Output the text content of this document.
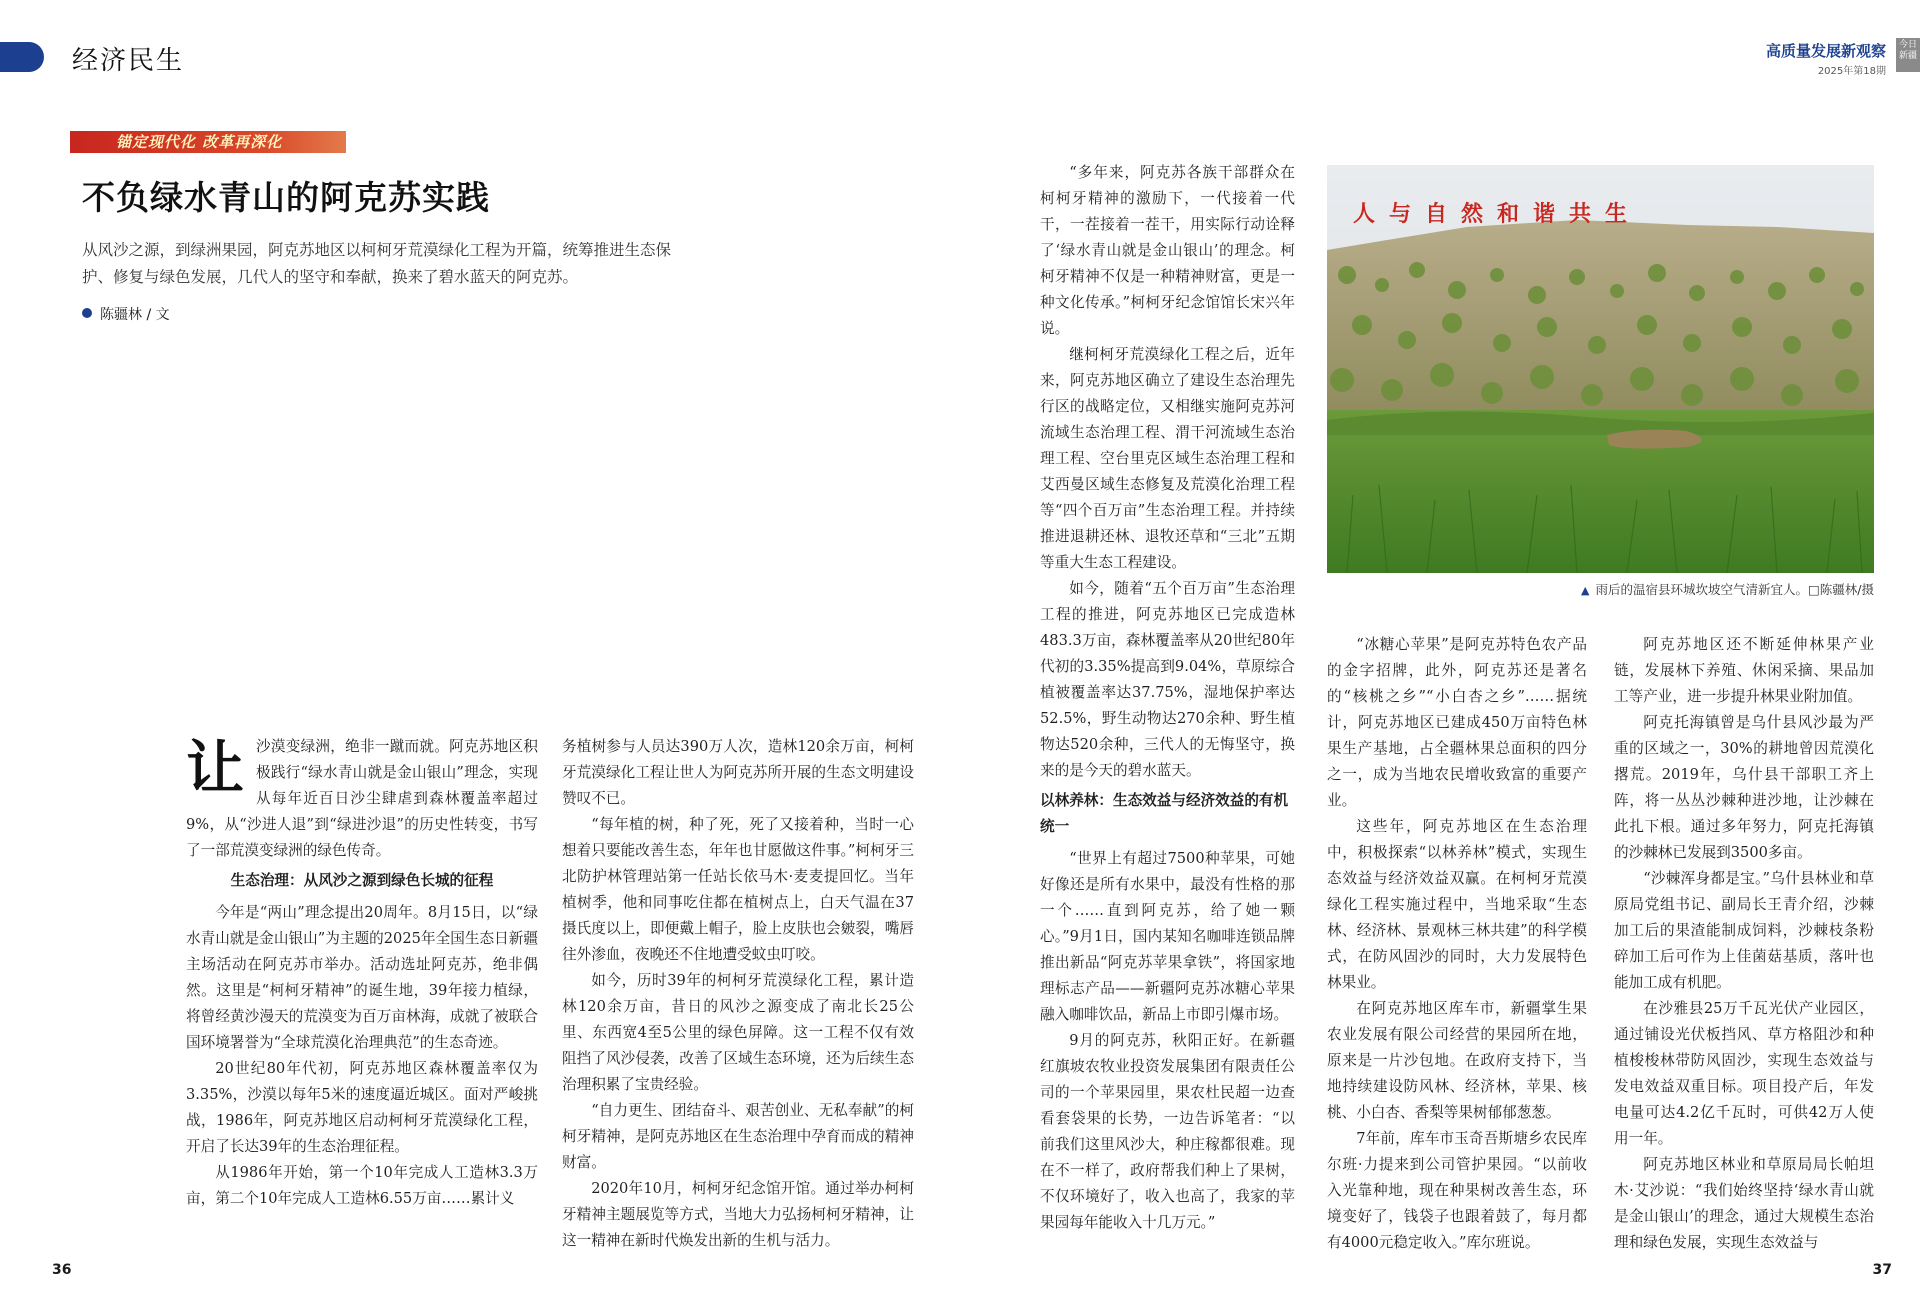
经济民生	高质量发展新观察
2025年第18期
今日新疆
锚定现代化 改革再深化
不负绿水青山的阿克苏实践
从风沙之源，到绿洲果园，阿克苏地区以柯柯牙荒漠绿化工程为开篇，统筹推进生态保护、修复与绿色发展，几代人的坚守和奉献，换来了碧水蓝天的阿克苏。
陈疆林 / 文
让 沙漠变绿洲，绝非一蹴而就。阿克苏地区积极践行“绿水青山就是金山银山”理念，实现从每年近百日沙尘肆虐到森林覆盖率超过9%，从“沙进人退”到“绿进沙退”的历史性转变，书写了一部荒漠变绿洲的绿色传奇。

生态治理：从风沙之源到绿色长城的征程

今年是“两山”理念提出20周年。8月15日，以“绿水青山就是金山银山”为主题的2025年全国生态日新疆主场活动在阿克苏市举办。活动选址阿克苏，绝非偶然。这里是“柯柯牙精神”的诞生地，39年接力植绿，将曾经黄沙漫天的荒漠变为百万亩林海，成就了被联合国环境署誉为“全球荒漠化治理典范”的生态奇迹。

20世纪80年代初，阿克苏地区森林覆盖率仅为3.35%，沙漠以每年5米的速度逼近城区。面对严峻挑战，1986年，阿克苏地区启动柯柯牙荒漠绿化工程，开启了长达39年的生态治理征程。

从1986年开始，第一个10年完成人工造林3.3万亩，第二个10年完成人工造林6.55万亩……累计义

务植树参与人员达390万人次，造林120余万亩，柯柯牙荒漠绿化工程让世人为阿克苏所开展的生态文明建设赞叹不已。

“每年植的树，种了死，死了又接着种，当时一心想着只要能改善生态，年年也甘愿做这件事。”柯柯牙三北防护林管理站第一任站长依马木·麦麦提回忆。当年植树季，他和同事吃住都在植树点上，白天气温在37摄氏度以上，即便戴上帽子，脸上皮肤也会皴裂，嘴唇往外渗血，夜晚还不住地遭受蚊虫叮咬。

如今，历时39年的柯柯牙荒漠绿化工程，累计造林120余万亩，昔日的风沙之源变成了南北长25公里、东西宽4至5公里的绿色屏障。这一工程不仅有效阻挡了风沙侵袭，改善了区域生态环境，还为后续生态治理积累了宝贵经验。

“自力更生、团结奋斗、艰苦创业、无私奉献”的柯柯牙精神，是阿克苏地区在生态治理中孕育而成的精神财富。

2020年10月，柯柯牙纪念馆开馆。通过举办柯柯牙精神主题展览等方式，当地大力弘扬柯柯牙精神，让这一精神在新时代焕发出新的生机与活力。

“多年来，阿克苏各族干部群众在柯柯牙精神的激励下，一代接着一代干，一茬接着一茬干，用实际行动诠释了‘绿水青山就是金山银山’的理念。柯柯牙精神不仅是一种精神财富，更是一种文化传承。”柯柯牙纪念馆馆长宋兴年说。

继柯柯牙荒漠绿化工程之后，近年来，阿克苏地区确立了建设生态治理先行区的战略定位，又相继实施阿克苏河流域生态治理工程、渭干河流域生态治理工程、空台里克区域生态治理工程和艾西曼区域生态修复及荒漠化治理工程等“四个百万亩”生态治理工程。并持续推进退耕还林、退牧还草和“三北”五期等重大生态工程建设。

如今，随着“五个百万亩”生态治理工程的推进，阿克苏地区已完成造林483.3万亩，森林覆盖率从20世纪80年代初的3.35%提高到9.04%，草原综合植被覆盖率达37.75%，湿地保护率达52.5%，野生动物达270余种、野生植物达520余种，三代人的无悔坚守，换来的是今天的碧水蓝天。

以林养林：生态效益与经济效益的有机统一

“世界上有超过7500种苹果，可她好像还是所有水果中，最没有性格的那一个……直到阿克苏，给了她一颗心。”9月1日，国内某知名咖啡连锁品牌推出新品“阿克苏苹果拿铁”，将国家地理标志产品——新疆阿克苏冰糖心苹果融入咖啡饮品，新品上市即引爆市场。

9月的阿克苏，秋阳正好。在新疆红旗坡农牧业投资发展集团有限责任公司的一个苹果园里，果农杜民超一边查看套袋果的长势，一边告诉笔者：“以前我们这里风沙大，种庄稼都很难。现在不一样了，政府帮我们种上了果树，不仅环境好了，收入也高了，我家的苹果园每年能收入十几万元。”

人与自然和谐共生
▲ 雨后的温宿县环城坎坡空气清新宜人。□陈疆林/摄

“冰糖心苹果”是阿克苏特色农产品的金字招牌，此外，阿克苏还是著名的“核桃之乡”“小白杏之乡”……据统计，阿克苏地区已建成450万亩特色林果生产基地，占全疆林果总面积的四分之一，成为当地农民增收致富的重要产业。

这些年，阿克苏地区在生态治理中，积极探索“以林养林”模式，实现生态效益与经济效益双赢。在柯柯牙荒漠绿化工程实施过程中，当地采取“生态林、经济林、景观林三林共建”的科学模式，在防风固沙的同时，大力发展特色林果业。

在阿克苏地区库车市，新疆掌生果农业发展有限公司经营的果园所在地，原来是一片沙包地。在政府支持下，当地持续建设防风林、经济林，苹果、核桃、小白杏、香梨等果树郁郁葱葱。

7年前，库车市玉奇吾斯塘乡农民库尔班·力提来到公司管护果园。“以前收入光靠种地，现在种果树改善生态，环境变好了，钱袋子也跟着鼓了，每月都有4000元稳定收入。”库尔班说。

阿克苏地区还不断延伸林果产业链，发展林下养殖、休闲采摘、果品加工等产业，进一步提升林果业附加值。

阿克托海镇曾是乌什县风沙最为严重的区域之一，30%的耕地曾因荒漠化撂荒。2019年，乌什县干部职工齐上阵，将一丛丛沙棘种进沙地，让沙棘在此扎下根。通过多年努力，阿克托海镇的沙棘林已发展到3500多亩。

“沙棘浑身都是宝。”乌什县林业和草原局党组书记、副局长王青介绍，沙棘加工后的果渣能制成饲料，沙棘枝条粉碎加工后可作为上佳菌菇基质，落叶也能加工成有机肥。

在沙雅县25万千瓦光伏产业园区，通过铺设光伏板挡风、草方格阻沙和种植梭梭林带防风固沙，实现生态效益与发电效益双重目标。项目投产后，年发电量可达4.2亿千瓦时，可供42万人使用一年。

阿克苏地区林业和草原局局长帕坦木·艾沙说：“我们始终坚持‘绿水青山就是金山银山’的理念，通过大规模生态治理和绿色发展，实现生态效益与

36	37
